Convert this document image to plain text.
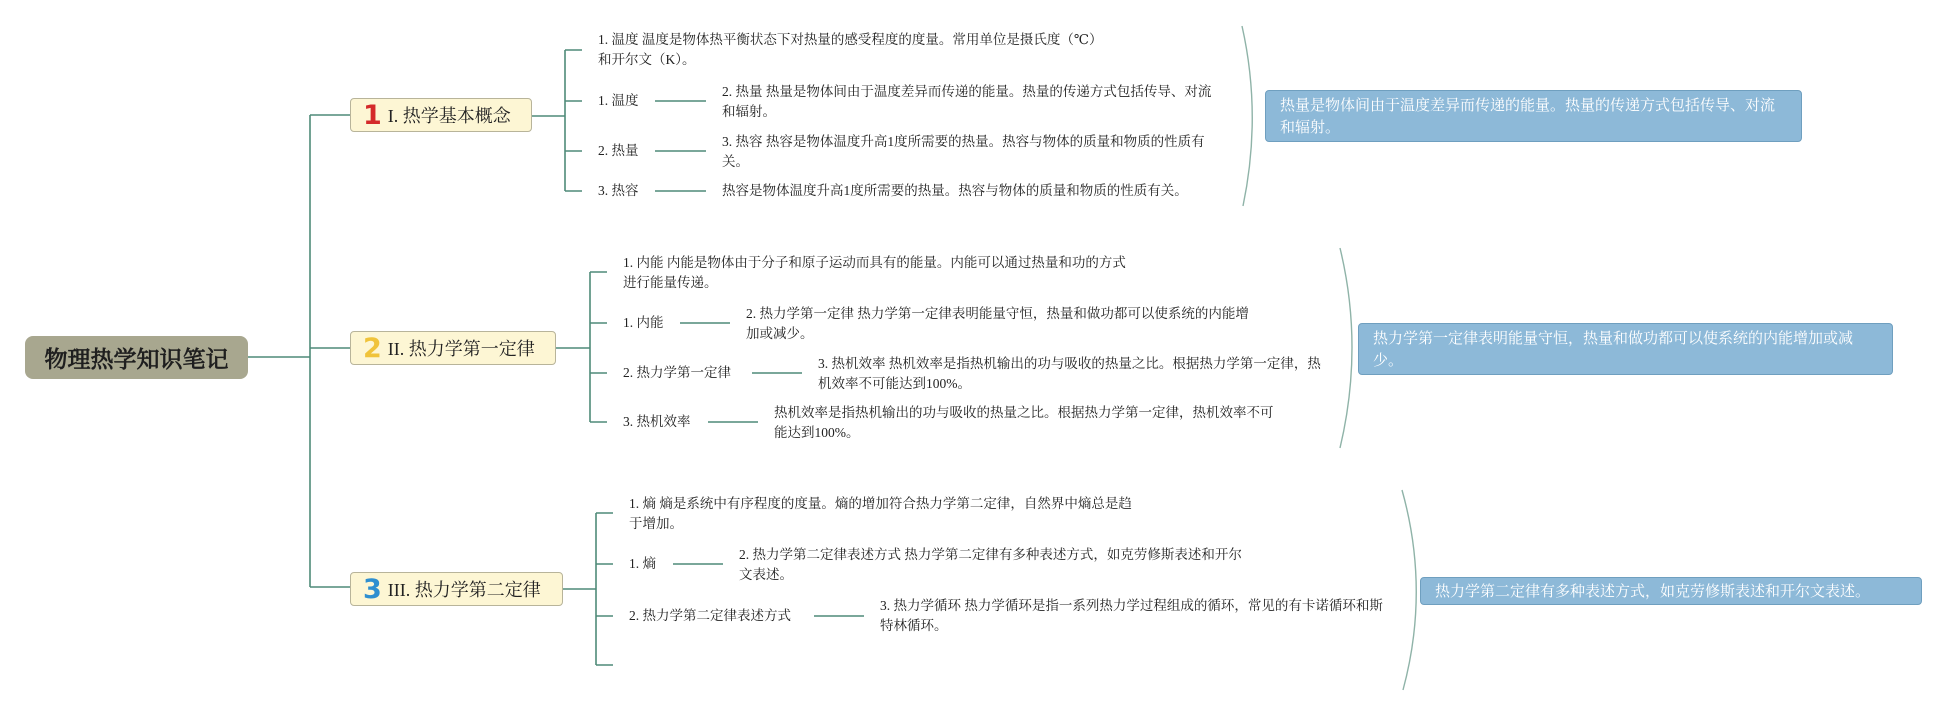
物理热学知识笔记
1 I. 热学基本概念
1. 温度 温度是物体热平衡状态下对热量的感受程度的度量。常用单位是摄氏度（℃）和开尔文（K）。
1. 温度
2. 热量 热量是物体间由于温度差异而传递的能量。热量的传递方式包括传导、对流和辐射。
2. 热量
3. 热容 热容是物体温度升高1度所需要的热量。热容与物体的质量和物质的性质有关。
3. 热容	热容是物体温度升高1度所需要的热量。热容与物体的质量和物质的性质有关。
热量是物体间由于温度差异而传递的能量。热量的传递方式包括传导、对流和辐射。
2 II. 热力学第一定律
1. 内能 内能是物体由于分子和原子运动而具有的能量。内能可以通过热量和功的方式进行能量传递。
1. 内能
2. 热力学第一定律 热力学第一定律表明能量守恒，热量和做功都可以使系统的内能增加或减少。
2. 热力学第一定律
3. 热机效率 热机效率是指热机输出的功与吸收的热量之比。根据热力学第一定律，热机效率不可能达到100%。
3. 热机效率
热机效率是指热机输出的功与吸收的热量之比。根据热力学第一定律，热机效率不可能达到100%。
热力学第一定律表明能量守恒，热量和做功都可以使系统的内能增加或减少。
3 III. 热力学第二定律
1. 熵 熵是系统中有序程度的度量。熵的增加符合热力学第二定律，自然界中熵总是趋于增加。
1. 熵
2. 热力学第二定律表述方式 热力学第二定律有多种表述方式，如克劳修斯表述和开尔文表述。
2. 热力学第二定律表述方式
3. 热力学循环 热力学循环是指一系列热力学过程组成的循环，常见的有卡诺循环和斯特林循环。
热力学第二定律有多种表述方式，如克劳修斯表述和开尔文表述。
